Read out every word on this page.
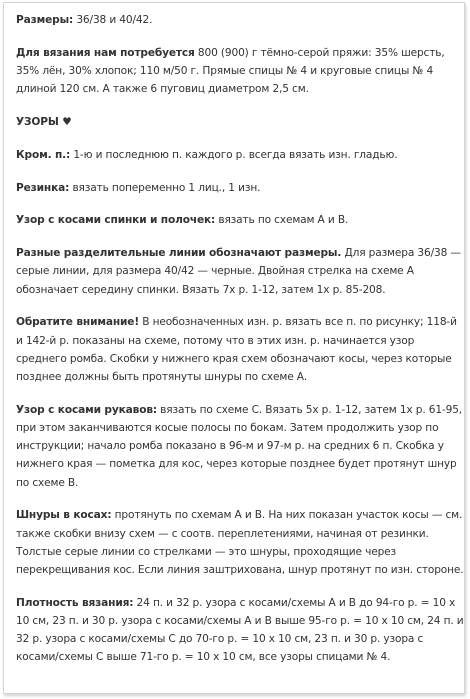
Размеры: 36/38 и 40/42.

Для вязания нам потребуется 800 (900) г тёмно-серой пряжи: 35% шерсть, 35% лён, 30% хлопок; 110 м/50 г. Прямые спицы № 4 и круговые спицы № 4 длиной 120 см. А также 6 пуговиц диаметром 2,5 см.

УЗОРЫ ♥

Кром. п.: 1-ю и последнюю п. каждого р. всегда вязать изн. гладью.

Резинка: вязать попеременно 1 лиц., 1 изн.

Узор с косами спинки и полочек: вязать по схемам А и В.

Разные разделительные линии обозначают размеры. Для размера 36/38 — серые линии, для размера 40/42 — черные. Двойная стрелка на схеме А обозначает середину спинки. Вязать 7х р. 1-12, затем 1х р. 85-208.

Обратите внимание! В необозначенных изн. р. вязать все п. по рисунку; 118-й и 142-й р. показаны на схеме, потому что в этих изн. р. начинается узор среднего ромба. Скобки у нижнего края схем обозначают косы, через которые позднее должны быть протянуты шнуры по схеме А.

Узор с косами рукавов: вязать по схеме С. Вязать 5х р. 1-12, затем 1х р. 61-95, при этом заканчиваются косые полосы по бокам. Затем продолжить узор по инструкции; начало ромба показано в 96-м и 97-м р. на средних 6 п. Скобка у нижнего края — пометка для кос, через которые позднее будет протянут шнур по схеме В.

Шнуры в косах: протянуть по схемам А и В. На них показан участок косы — см. также скобки внизу схем — с соотв. переплетениями, начиная от резинки. Толстые серые линии со стрелками — это шнуры, проходящие через перекрещивания кос. Если линия заштрихована, шнур протянут по изн. стороне.

Плотность вязания: 24 п. и 32 р. узора с косами/схемы А и В до 94-го р. = 10 х 10 см, 23 п. и 30 р. узора с косами/схемы А и В выше 95-го р. = 10 х 10 см, 24 п. и 32 р. узора с косами/схемы С до 70-го р. = 10 х 10 см, 23 п. и 30 р. узора с косами/схемы С выше 71-го р. = 10 х 10 см, все узоры спицами № 4.
